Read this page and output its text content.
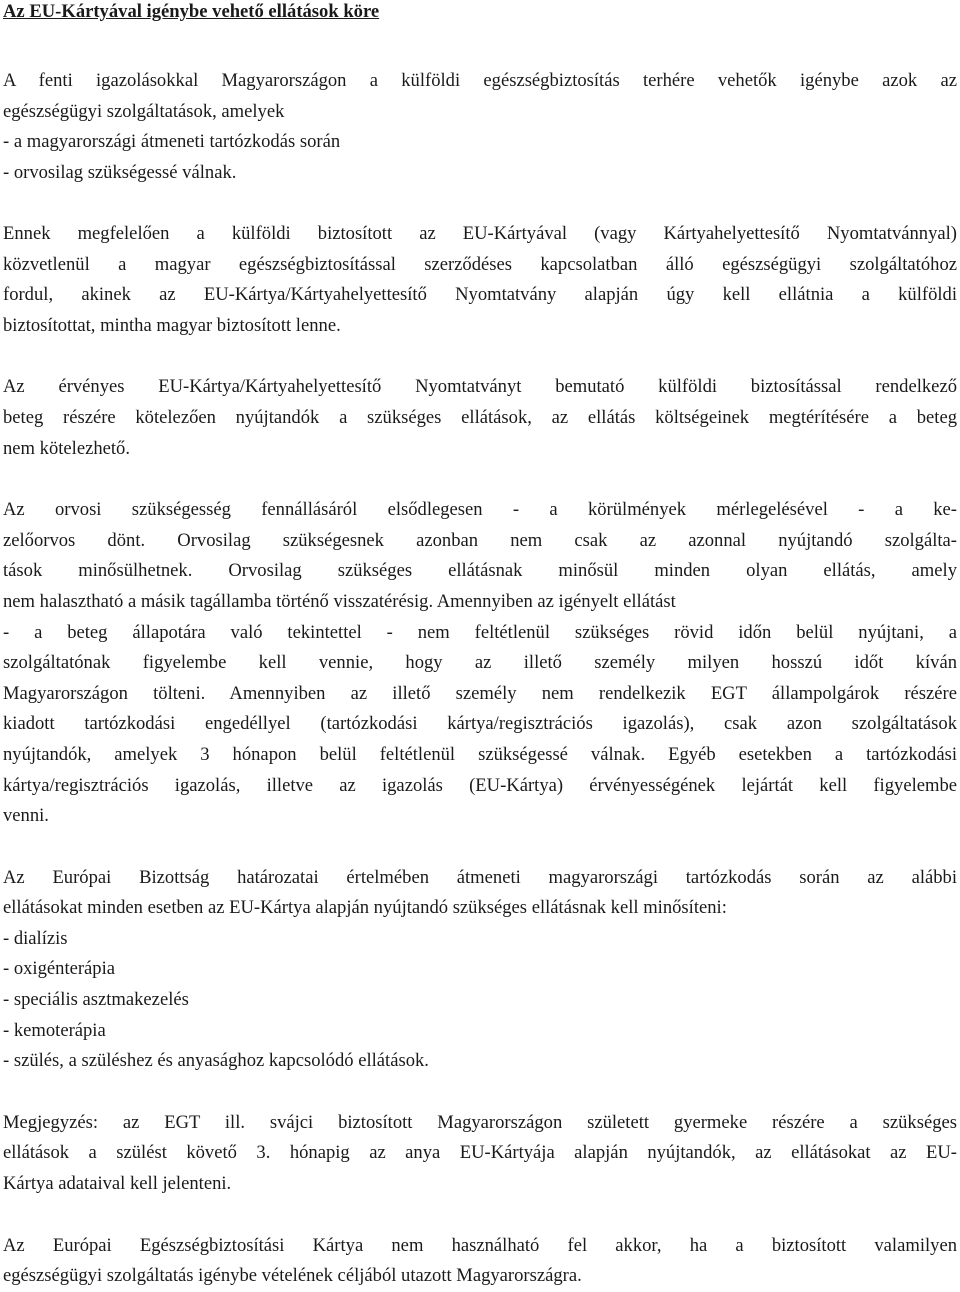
Az EU-Kártyával igénybe vehető ellátások köre

A fenti igazolásokkal Magyarországon a külföldi egészségbiztosítás terhére vehetők igénybe azok az
egészségügyi szolgáltatások, amelyek

- a magyarországi átmeneti tartózkodás során
- orvosilag szükségessé válnak.

Ennek megfelelően a külföldi biztosított az EU-Kártyával (vagy Kártyahelyettesítő Nyomtatvánnyal)
közvetlenül a magyar egészségbiztosítással szerződéses kapcsolatban álló egészségügyi szolgáltatóhoz
fordul, akinek az EU-Kártya/Kártyahelyettesítő Nyomtatvány alapján úgy kell ellátnia a külföldi
biztosítottat, mintha magyar biztosított lenne.

Az érvényes EU-Kártya/Kártyahelyettesítő Nyomtatványt bemutató külföldi biztosítással rendelkező
beteg részére kötelezően nyújtandók a szükséges ellátások, az ellátás költségeinek megtérítésére a beteg
nem kötelezhető.

Az orvosi szükségesség fennállásáról elsődlegesen - a körülmények mérlegelésével - a ke-
zelőorvos dönt. Orvosilag szükségesnek azonban nem csak az azonnal nyújtandó szolgálta-
tások minősülhetnek. Orvosilag szükséges ellátásnak minősül minden olyan ellátás, amely
nem halasztható a másik tagállamba történő visszatérésig. Amennyiben az igényelt ellátást
- a beteg állapotára való tekintettel - nem feltétlenül szükséges rövid időn belül nyújtani, a
szolgáltatónak figyelembe kell vennie, hogy az illető személy milyen hosszú időt kíván
Magyarországon tölteni. Amennyiben az illető személy nem rendelkezik EGT állampolgárok részére
kiadott tartózkodási engedéllyel (tartózkodási kártya/regisztrációs igazolás), csak azon szolgáltatások
nyújtandók, amelyek 3 hónapon belül feltétlenül szükségessé válnak. Egyéb esetekben a tartózkodási
kártya/regisztrációs igazolás, illetve az igazolás (EU-Kártya) érvényességének lejártát kell figyelembe
venni.

Az Európai Bizottság határozatai értelmében átmeneti magyarországi tartózkodás során az alábbi
ellátásokat minden esetben az EU-Kártya alapján nyújtandó szükséges ellátásnak kell minősíteni:

- dialízis
- oxigénterápia
- speciális asztmakezelés
- kemoterápia
- szülés, a szüléshez és anyasághoz kapcsolódó ellátások.

Megjegyzés: az EGT ill. svájci biztosított Magyarországon született gyermeke részére a szükséges
ellátások a szülést követő 3. hónapig az anya EU-Kártyája alapján nyújtandók, az ellátásokat az EU-
Kártya adataival kell jelenteni.

Az Európai Egészségbiztosítási Kártya nem használható fel akkor, ha a biztosított valamilyen
egészségügyi szolgáltatás igénybe vételének céljából utazott Magyarországra.
